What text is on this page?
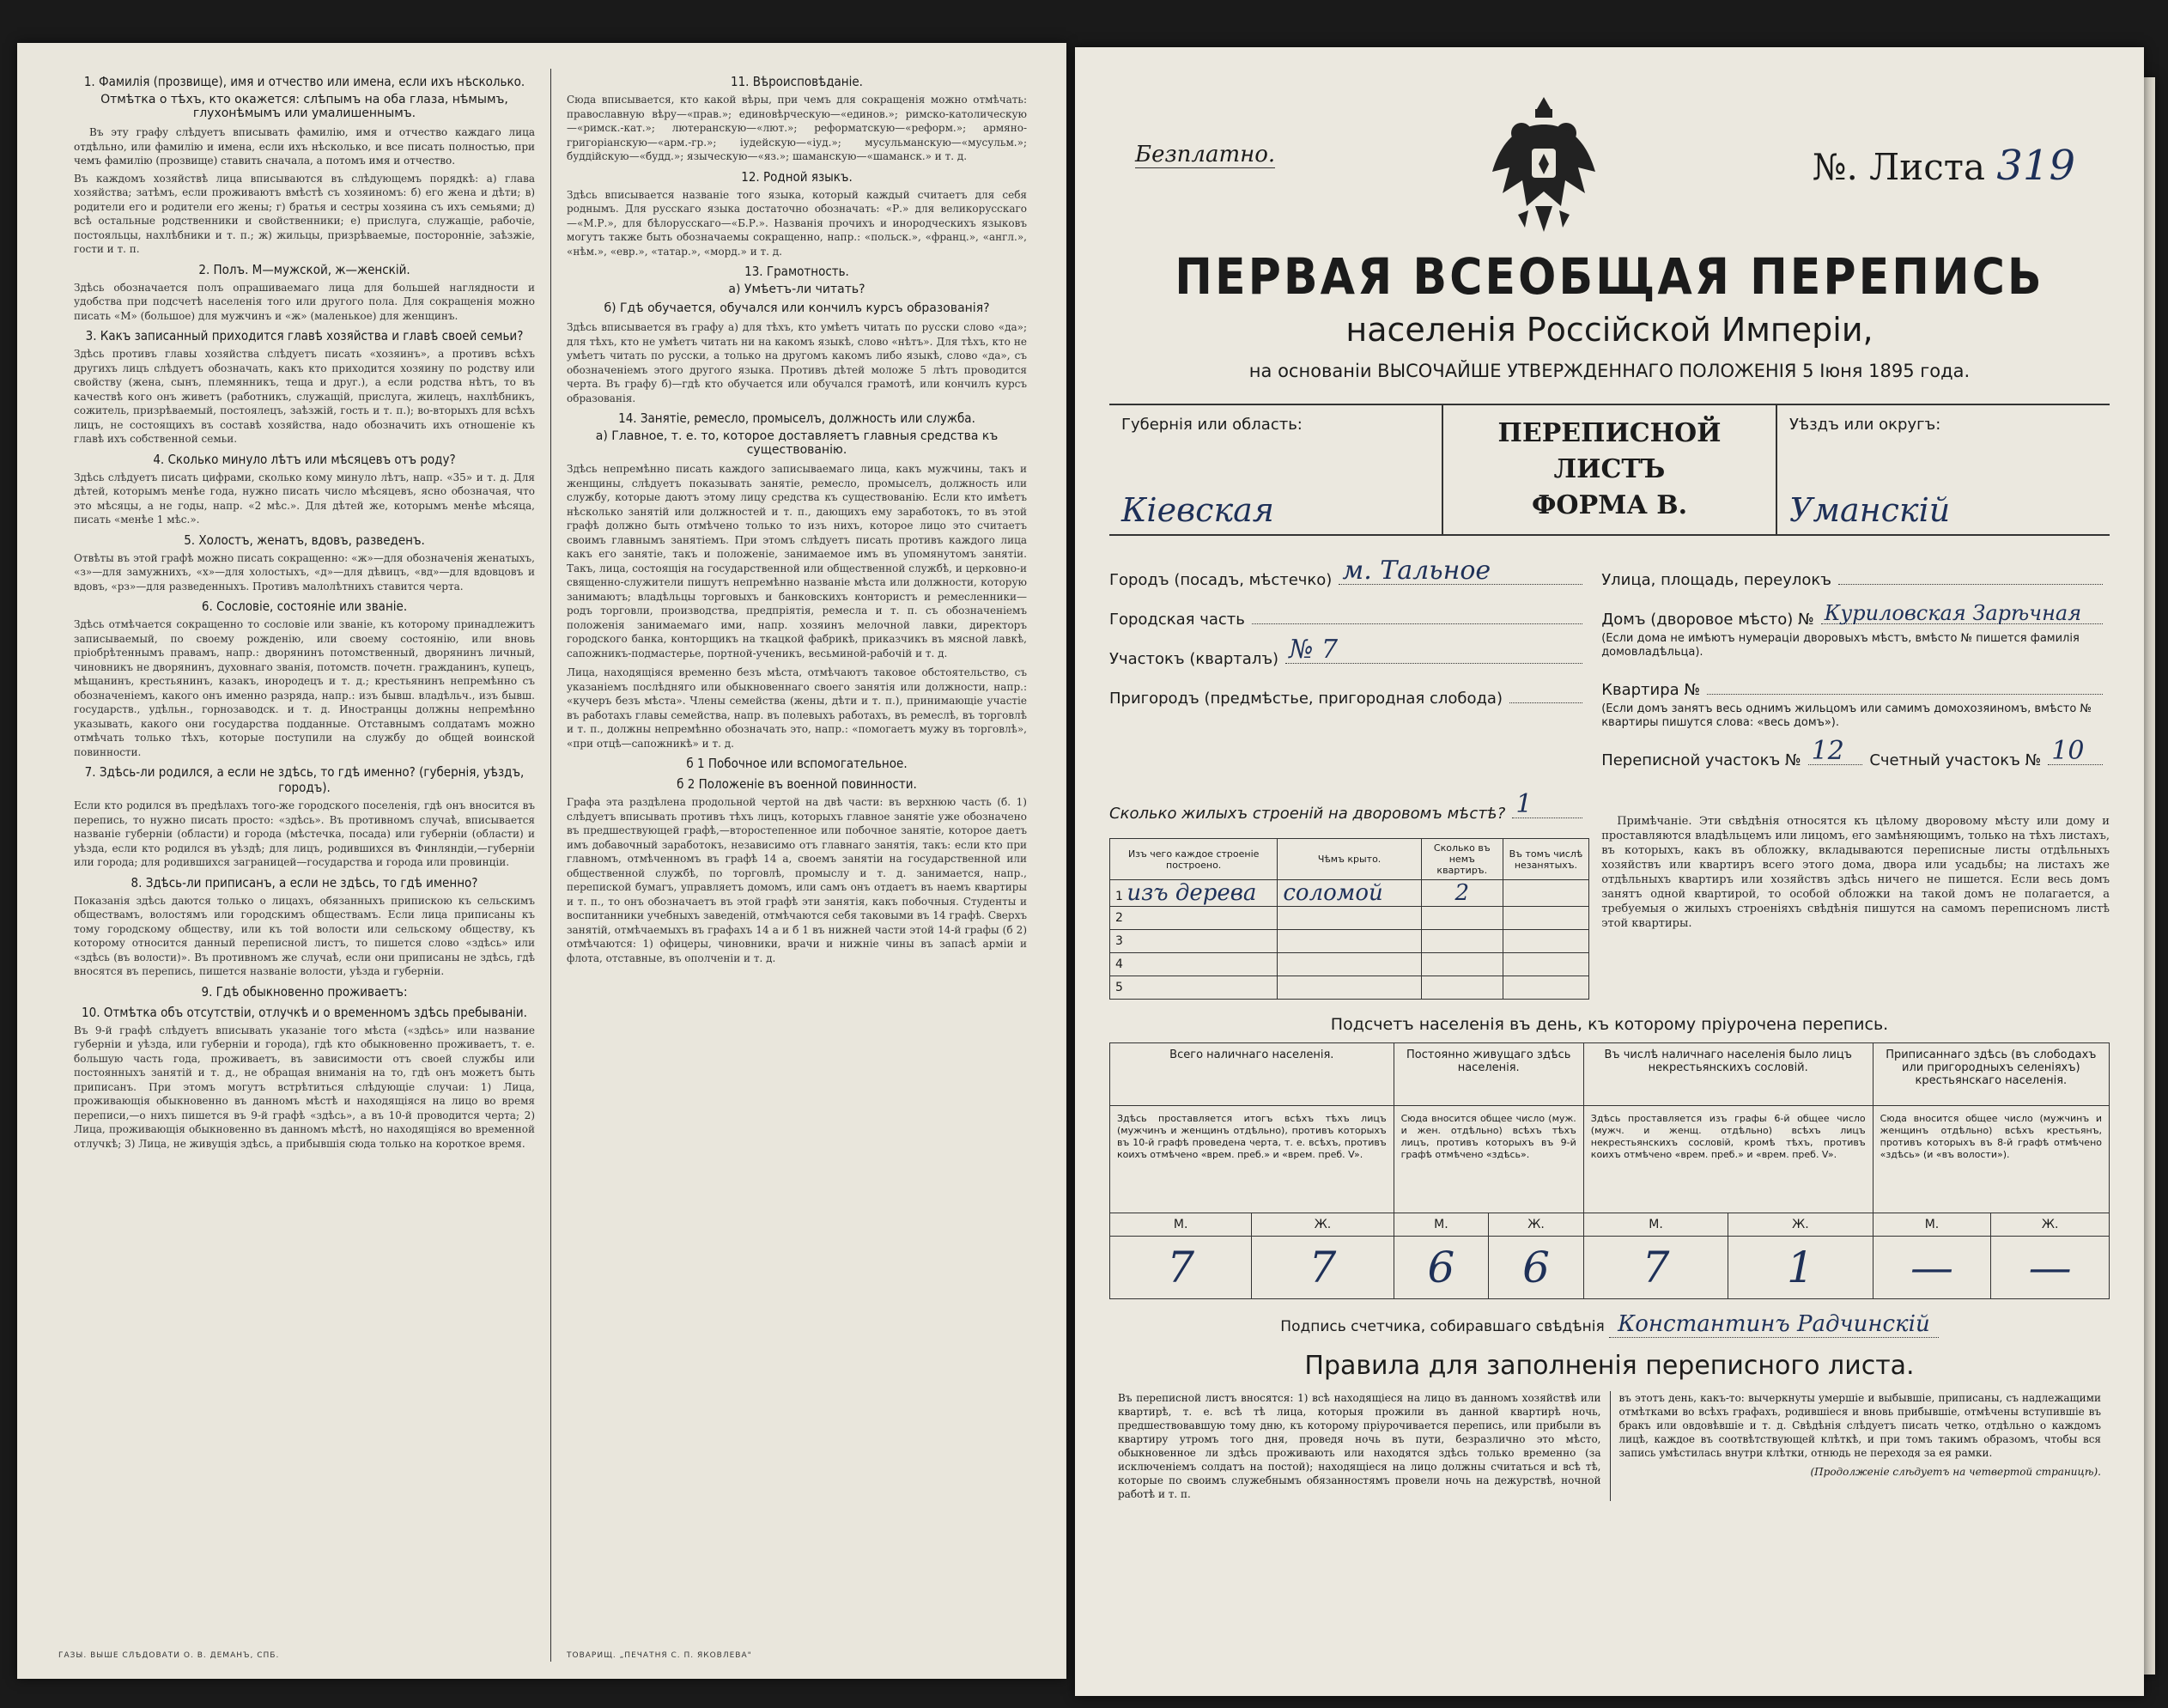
1. Фамилія (прозвище), имя и отчество или имена, если ихъ нѣсколько.
Отмѣтка о тѣхъ, кто окажется: слѣпымъ на оба глаза, нѣмымъ, глухонѣмымъ или умалишеннымъ.

Въ эту графу слѣдуетъ вписывать фамилію, имя и отчество каждаго лица отдѣльно, или фамилію и имена, если ихъ нѣсколько, и все писать полностью, при чемъ фамилію (прозвище) ставить сначала, а потомъ имя и отчество.

Въ каждомъ хозяйствѣ лица вписываются въ слѣдующемъ порядкѣ: а) глава хозяйства; затѣмъ, если проживаютъ вмѣстѣ съ хозяиномъ: б) его жена и дѣти; в) родители его и родители его жены; г) братья и сестры хозяина съ ихъ семьями; д) всѣ остальные родственники и свойственники; е) прислуга, служащіе, рабочіе, постояльцы, нахлѣбники и т. п.; ж) жильцы, призрѣваемые, посторонніе, заѣзжіе, гости и т. п.

2. Полъ. М—мужской, ж—женскій.

Здѣсь обозначается полъ опрашиваемаго лица для большей наглядности и удобства при подсчетѣ населенія того или другого пола. Для сокращенія можно писать «М» (большое) для мужчинъ и «ж» (маленькое) для женщинъ.

3. Какъ записанный приходится главѣ хозяйства и главѣ своей семьи?

Здѣсь противъ главы хозяйства слѣдуетъ писать «хозяинъ», а противъ всѣхъ другихъ лицъ слѣдуетъ обозначать, какъ кто приходится хозяину по родству или свойству (жена, сынъ, племянникъ, теща и друг.), а если родства нѣтъ, то въ качествѣ кого онъ живетъ (работникъ, служащій, прислуга, жилецъ, нахлѣбникъ, сожитель, призрѣваемый, постоялецъ, заѣзжій, гость и т. п.); во-вторыхъ для всѣхъ лицъ, не состоящихъ въ составѣ хозяйства, надо обозначить ихъ отношеніе къ главѣ ихъ собственной семьи.

4. Сколько минуло лѣтъ или мѣсяцевъ отъ роду?

Здѣсь слѣдуетъ писать цифрами, сколько кому минуло лѣтъ, напр. «35» и т. д. Для дѣтей, которымъ менѣе года, нужно писать число мѣсяцевъ, ясно обозначая, что это мѣсяцы, а не годы, напр. «2 мѣс.». Для дѣтей же, которымъ менѣе мѣсяца, писать «менѣе 1 мѣс.».

5. Холостъ, женатъ, вдовъ, разведенъ.

Отвѣты въ этой графѣ можно писать сокращенно: «ж»—для обозначенія женатыхъ, «з»—для замужнихъ, «х»—для холостыхъ, «д»—для дѣвицъ, «вд»—для вдовцовъ и вдовъ, «рз»—для разведенныхъ. Противъ малолѣтнихъ ставится черта.

6. Сословіе, состояніе или званіе.

Здѣсь отмѣчается сокращенно то сословіе или званіе, къ которому принадлежитъ записываемый, по своему рожденію, или своему состоянію, или вновь пріобрѣтеннымъ правамъ, напр.: дворянинъ потомственный, дворянинъ личный, чиновникъ не дворянинъ, духовнаго званія, потомств. почетн. гражданинъ, купецъ, мѣщанинъ, крестьянинъ, казакъ, инородецъ и т. д.; крестьянинъ непремѣнно съ обозначеніемъ, какого онъ именно разряда, напр.: изъ бывш. владѣльч., изъ бывш. государств., удѣльн., горнозаводск. и т. д. Иностранцы должны непремѣнно указывать, какого они государства подданные. Отставнымъ солдатамъ можно отмѣчать только тѣхъ, которые поступили на службу до общей воинской повинности.

7. Здѣсь-ли родился, а если не здѣсь, то гдѣ именно? (губернія, уѣздъ, городъ).

Если кто родился въ предѣлахъ того-же городского поселенія, гдѣ онъ вносится въ перепись, то нужно писать просто: «здѣсь». Въ противномъ случаѣ, вписывается названіе губерніи (области) и города (мѣстечка, посада) или губерніи (области) и уѣзда, если кто родился въ уѣздѣ; для лицъ, родившихся въ Финляндіи,—губерніи или города; для родившихся заграницей—государства и города или провинціи.

8. Здѣсь-ли приписанъ, а если не здѣсь, то гдѣ именно?

Показанія здѣсь даются только о лицахъ, обязанныхъ припискою къ сельскимъ обществамъ, волостямъ или городскимъ обществамъ. Если лица приписаны къ тому городскому обществу, или къ той волости или сельскому обществу, къ которому относится данный переписной листъ, то пишется слово «здѣсь» или «здѣсь (въ волости)». Въ противномъ же случаѣ, если они приписаны не здѣсь, гдѣ вносятся въ перепись, пишется названіе волости, уѣзда и губерніи.

9. Гдѣ обыкновенно проживаетъ:
10. Отмѣтка объ отсутствіи, отлучкѣ и о временномъ здѣсь пребываніи.

Въ 9-й графѣ слѣдуетъ вписывать указаніе того мѣста («здѣсь» или название губерніи и уѣзда, или губерніи и города), гдѣ кто обыкновенно проживаетъ, т. е. большую часть года, проживаетъ, въ зависимости отъ своей службы или постоянныхъ занятій и т. д., не обращая вниманія на то, гдѣ онъ можетъ быть приписанъ. При этомъ могутъ встрѣтиться слѣдующіе случаи: 1) Лица, проживающія обыкновенно въ данномъ мѣстѣ и находящіяся на лицо во время переписи,—о нихъ пишется въ 9-й графѣ «здѣсь», а въ 10-й проводится черта; 2) Лица, проживающія обыкновенно въ данномъ мѣстѣ, но находящіяся во временной отлучкѣ; 3) Лица, не живущія здѣсь, а прибывшія сюда только на короткое время.

11. Вѣроисповѣданіе.

Сюда вписывается, кто какой вѣры, при чемъ для сокращенія можно отмѣчать: православную вѣру—«прав.»; единовѣрческую—«единов.»; римско-католическую—«римск.-кат.»; лютеранскую—«лют.»; реформатскую—«реформ.»; армяно-григоріанскую—«арм.-гр.»; іудейскую—«іуд.»; мусульманскую—«мусульм.»; буддійскую—«будд.»; языческую—«яз.»; шаманскую—«шаманск.» и т. д.

12. Родной языкъ.

Здѣсь вписывается названіе того языка, который каждый считаетъ для себя роднымъ. Для русскаго языка достаточно обозначать: «Р.» для великорусскаго—«М.Р.», для бѣлорусскаго—«Б.Р.». Названія прочихъ и инородческихъ языковъ могутъ также быть обозначаемы сокращенно, напр.: «польск.», «франц.», «англ.», «нѣм.», «евр.», «татар.», «морд.» и т. д.

13. Грамотность.
а) Умѣетъ-ли читать?
б) Гдѣ обучается, обучался или кончилъ курсъ образованія?

Здѣсь вписывается въ графу а) для тѣхъ, кто умѣетъ читать по русски слово «да»; для тѣхъ, кто не умѣетъ читать ни на какомъ языкѣ, слово «нѣтъ». Для тѣхъ, кто не умѣетъ читать по русски, а только на другомъ какомъ либо языкѣ, слово «да», съ обозначеніемъ этого другого языка. Противъ дѣтей моложе 5 лѣтъ проводится черта. Въ графу б)—гдѣ кто обучается или обучался грамотѣ, или кончилъ курсъ образованія.

14. Занятіе, ремесло, промыселъ, должность или служба.
а) Главное, т. е. то, которое доставляетъ главныя средства къ существованію.

Здѣсь непремѣнно писать каждого записываемаго лица, какъ мужчины, такъ и женщины, слѣдуетъ показывать занятіе, ремесло, промыселъ, должность или службу, которые даютъ этому лицу средства къ существованію. Если кто имѣетъ нѣсколько занятій или должностей и т. п., дающихъ ему заработокъ, то въ этой графѣ должно быть отмѣчено только то изъ нихъ, которое лицо это считаетъ своимъ главнымъ занятіемъ. При этомъ слѣдуетъ писать противъ каждого лица какъ его занятіе, такъ и положеніе, занимаемое имъ въ упомянутомъ занятіи. Такъ, лица, состоящія на государственной или общественной службѣ, и церковно-и священно-служители пишутъ непремѣнно названіе мѣста или должности, которую занимаютъ; владѣльцы торговыхъ и банковскихъ контористъ и ремесленники—родъ торговли, производства, предпріятія, ремесла и т. п. съ обозначеніемъ положенія занимаемаго ими, напр. хозяинъ мелочной лавки, директоръ городского банка, конторщикъ на ткацкой фабрикѣ, приказчикъ въ мясной лавкѣ, сапожникъ-подмастерье, портной-ученикъ, весьминой-рабочій и т. д.

Лица, находящіяся временно безъ мѣста, отмѣчаютъ таковое обстоятельство, съ указаніемъ послѣдняго или обыкновеннаго своего занятія или должности, напр.: «кучеръ безъ мѣста». Члены семейства (жены, дѣти и т. п.), принимающіе участіе въ работахъ главы семейства, напр. въ полевыхъ работахъ, въ ремеслѣ, въ торговлѣ и т. п., должны непремѣнно обозначать это, напр.: «помогаетъ мужу въ торговлѣ», «при отцѣ—сапожникѣ» и т. д.

б 1 Побочное или вспомогательное.
б 2 Положеніе въ военной повинности.

Графа эта раздѣлена продольной чертой на двѣ части: въ верхнюю часть (б. 1) слѣдуетъ вписывать противъ тѣхъ лицъ, которыхъ главное занятіе уже обозначено въ предшествующей графѣ,—второстепенное или побочное занятіе, которое даетъ имъ добавочный заработокъ, независимо отъ главнаго занятія, такъ: если кто при главномъ, отмѣченномъ въ графѣ 14 а, своемъ занятіи на государственной или общественной службѣ, по торговлѣ, промыслу и т. д. занимается, напр., перепиской бумагъ, управляетъ домомъ, или самъ онъ отдаетъ въ наемъ квартиры и т. п., то онъ обозначаетъ въ этой графѣ эти занятія, какъ побочныя. Студенты и воспитанники учебныхъ заведеній, отмѣчаются себя таковыми въ 14 графѣ. Сверхъ занятій, отмѣчаемыхъ въ графахъ 14 а и б 1 въ нижней части этой 14-й графы (б 2) отмѣчаются: 1) офицеры, чиновники, врачи и нижніе чины въ запасѣ арміи и флота, отставные, въ ополченіи и т. д.

ГАЗЫ. ВЫШЕ СЛѢДОВАТИ О. В. ДЕМАНЪ, СПБ.	ТОВАРИЩ. „ПЕЧАТНЯ С. П. ЯКОВЛЕВА"
Безплатно.	№. Листа 319
ПЕРВАЯ ВСЕОБЩАЯ ПЕРЕПИСЬ
населенія Россійской Имперіи,
на основаніи ВЫСОЧАЙШЕ УТВЕРЖДЕННАГО ПОЛОЖЕНІЯ 5 Іюня 1895 года.
Губернія или область:
Кіевская
ПЕРЕПИСНОЙ ЛИСТЪ
ФОРМА В.
Уѣздъ или округъ:
Уманскій
Городъ (посадъ, мѣстечко) м. Тальное
Городская часть
Участокъ (кварталъ) № 7
Пригородъ (предмѣстье, пригородная слобода)
Улица, площадь, переулокъ
Домъ (дворовое мѣсто) № Куриловская Зарѣчная
(Если дома не имѣютъ нумераціи дворовыхъ мѣстъ, вмѣсто № пишется фамилія домовладѣльца).
Квартира №
(Если домъ занятъ весь однимъ жильцомъ или самимъ домохозяиномъ, вмѣсто № квартиры пишутся слова: «весь домъ»).
Переписной участокъ № 12 Счетный участокъ № 10
Сколько жилыхъ строеній на дворовомъ мѣстѣ? 1
Изъ чего каждое строеніе построено.	Чѣмъ крыто.	Сколько въ немъ квартиръ.	Въ томъ числѣ незанятыхъ.
1 изъ дерева	соломой	2	
2			
3			
4			
5			

Примѣчаніе. Эти свѣдѣнія относятся къ цѣлому дворовому мѣсту или дому и проставляются владѣльцемъ или лицомъ, его замѣняющимъ, только на тѣхъ листахъ, въ которыхъ, какъ въ обложку, вкладываются переписные листы отдѣльныхъ хозяйствъ или квартиръ всего этого дома, двора или усадьбы; на листахъ же отдѣльныхъ квартиръ или хозяйствъ здѣсь ничего не пишется. Если весь домъ занятъ одной квартирой, то особой обложки на такой домъ не полагается, а требуемыя о жилыхъ строеніяхъ свѣдѣнія пишутся на самомъ переписномъ листѣ этой квартиры.

Подсчетъ населенія въ день, къ которому пріурочена перепись.
Всего наличнаго населенія.		Постоянно живущаго здѣсь населенія.		Въ числѣ наличнаго населенія было лицъ некрестьянскихъ сословій.		Приписаннаго здѣсь (въ слободахъ или пригородныхъ селеніяхъ) крестьянскаго населенія.	
Здѣсь проставляется итогъ всѣхъ тѣхъ лицъ (мужчинъ и женщинъ отдѣльно), противъ которыхъ въ 10-й графѣ проведена черта, т. е. всѣхъ, противъ коихъ отмѣчено «врем. преб.» и «врем. преб. V».		Сюда вносится общее число (муж. и жен. отдѣльно) всѣхъ тѣхъ лицъ, противъ которыхъ въ 9-й графѣ отмѣчено «здѣсь».		Здѣсь проставляется изъ графы 6-й общее число (мужч. и женщ. отдѣльно) всѣхъ лицъ некрестьянскихъ сословій, кромѣ тѣхъ, противъ коихъ отмѣчено «врем. преб.» и «врем. преб. V».		Сюда вносится общее число (мужчинъ и женщинъ отдѣльно) всѣхъ крестьянъ, противъ которыхъ въ 8-й графѣ отмѣчено «здѣсь» (и «въ волости»).	
М.	Ж.	М.	Ж.	М.	Ж.	М.	Ж.
7	7	6	6	7	1	—	—
Подпись счетчика, собиравшаго свѣдѣнія Константинъ Радчинскій
Правила для заполненія переписного листа.
Въ переписной листъ вносятся: 1) всѣ находящіеся на лицо въ данномъ хозяйствѣ или квартирѣ, т. е. всѣ тѣ лица, которыя прожили въ данной квартирѣ ночь, предшествовавшую тому дню, къ которому пріурочивается перепись, или прибыли въ квартиру утромъ того дня, проведя ночь въ пути, безразлично это мѣсто, обыкновенное ли здѣсь проживають или находятся здѣсь только временно (за исключеніемъ солдатъ на постой); находящіеся на лицо должны считаться и всѣ тѣ, которые по своимъ служебнымъ обязанностямъ провели ночь на дежурствѣ, ночной работѣ и т. п.
въ этотъ день, какъ-то: вычеркнуты умершіе и выбывшіе, приписаны, съ надлежащими отмѣтками во всѣхъ графахъ, родившіеся и вновь прибывшіе, отмѣчены вступившіе въ бракъ или овдовѣвшіе и т. д. Свѣдѣнія слѣдуетъ писать четко, отдѣльно о каждомъ лицѣ, каждое въ соотвѣтствующей клѣткѣ, и при томъ такимъ образомъ, чтобы вся запись умѣстилась внутри клѣтки, отнюдь не переходя за ея рамки.
(Продолженіе слѣдуетъ на четвертой страницѣ).
